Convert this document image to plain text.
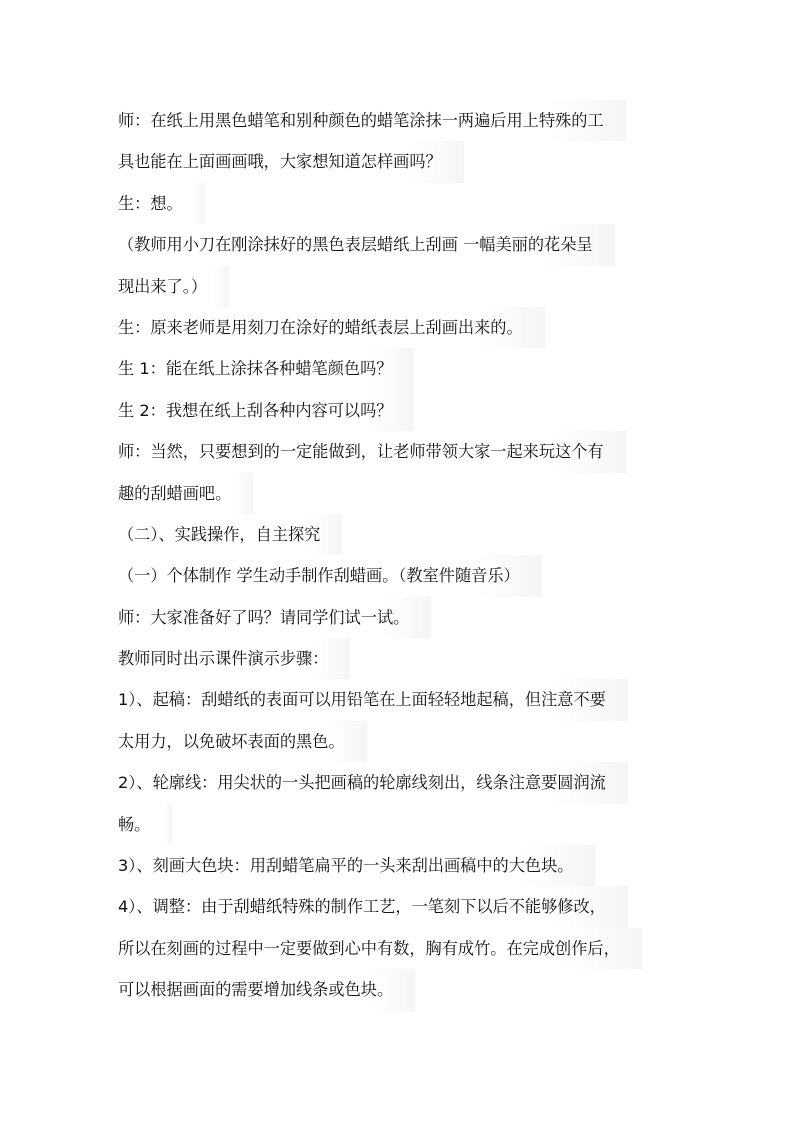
师：在纸上用黑色蜡笔和别种颜色的蜡笔涂抹一两遍后用上特殊的工
具也能在上面画画哦，大家想知道怎样画吗？
生：想。
（教师用小刀在刚涂抹好的黑色表层蜡纸上刮画 一幅美丽的花朵呈
现出来了。）
生：原来老师是用刻刀在涂好的蜡纸表层上刮画出来的。
生 1：能在纸上涂抹各种蜡笔颜色吗？
生 2：我想在纸上刮各种内容可以吗？
师：当然，只要想到的一定能做到，让老师带领大家一起来玩这个有
趣的刮蜡画吧。
（二）、实践操作，自主探究
（一）个体制作 学生动手制作刮蜡画。（教室件随音乐）
师：大家准备好了吗？请同学们试一试。
教师同时出示课件演示步骤：
1）、起稿：刮蜡纸的表面可以用铅笔在上面轻轻地起稿，但注意不要
太用力，以免破坏表面的黑色。
2）、轮廓线：用尖状的一头把画稿的轮廓线刻出，线条注意要圆润流
畅。
3）、刻画大色块：用刮蜡笔扁平的一头来刮出画稿中的大色块。
4）、调整：由于刮蜡纸特殊的制作工艺，一笔刻下以后不能够修改，
所以在刻画的过程中一定要做到心中有数，胸有成竹。在完成创作后，
可以根据画面的需要增加线条或色块。
